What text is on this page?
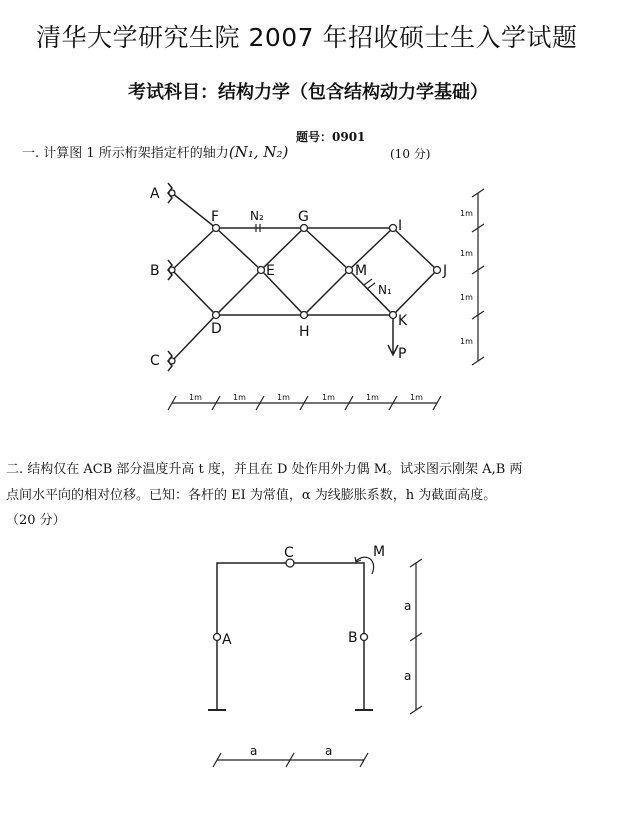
清华大学研究生院 2007 年招收硕士生入学试题
考试科目：结构力学（包含结构动力学基础）
题号：0901
一. 计算图 1 所示桁架指定杆的轴力(N₁, N₂)	(10 分)
二. 结构仅在 ACB 部分温度升高 t 度，并且在 D 处作用外力偶 M。试求图示刚架 A,B 两
点间水平向的相对位移。已知：各杆的 EI 为常值，α 为线膨胀系数，h 为截面高度。
（20 分）
A
B
C
F	G
I
E	M	J
D	H
K
N₂
N₁
P
1m	1m	1m	1m	1m	1m
1m
1m
1m
1m
C	M
A	B
a	a
a
a
